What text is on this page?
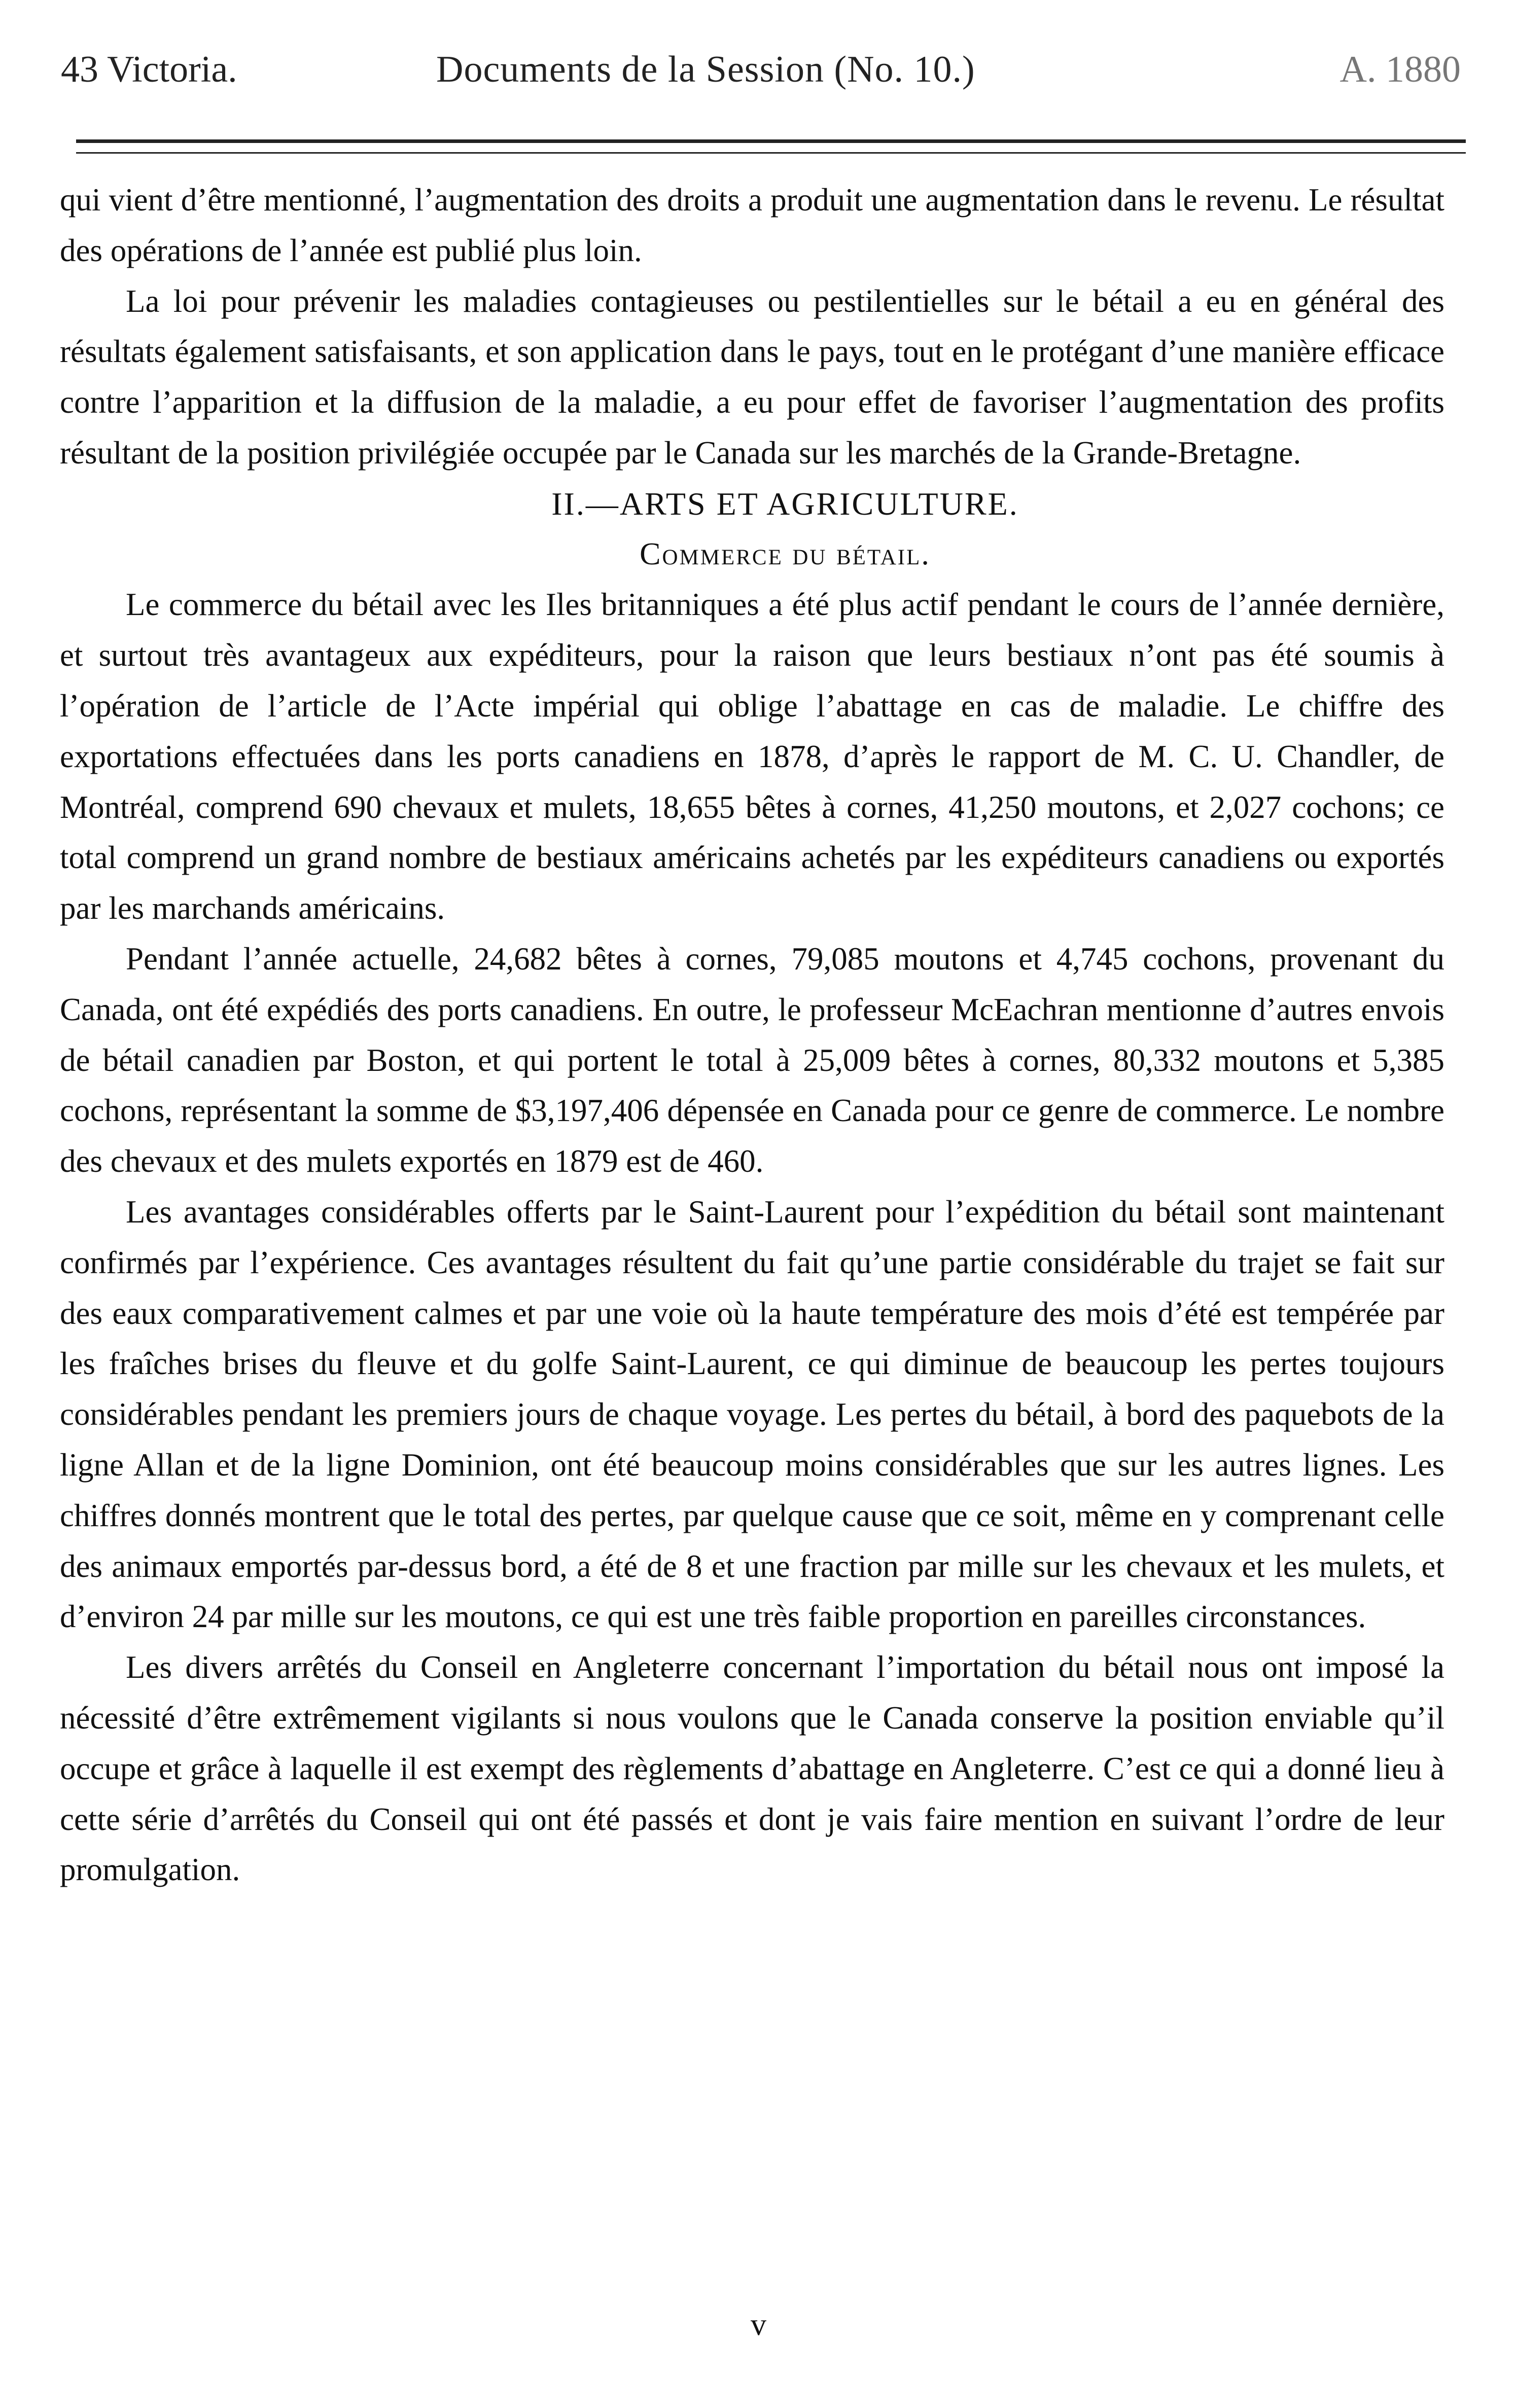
43 Victoria.	Documents de la Session (No. 10.)	A. 1880

qui vient d’être mentionné, l’augmentation des droits a produit une augmentation dans le revenu. Le résultat des opérations de l’année est publié plus loin.

La loi pour prévenir les maladies contagieuses ou pestilentielles sur le bétail a eu en général des résultats également satisfaisants, et son application dans le pays, tout en le protégant d’une manière efficace contre l’apparition et la diffusion de la maladie, a eu pour effet de favoriser l’augmentation des profits résultant de la position privilégiée occupée par le Canada sur les marchés de la Grande-Bretagne.

II.—ARTS ET AGRICULTURE.

Commerce du bétail.

Le commerce du bétail avec les Iles britanniques a été plus actif pendant le cours de l’année dernière, et surtout très avantageux aux expéditeurs, pour la raison que leurs bestiaux n’ont pas été soumis à l’opération de l’article de l’Acte impérial qui oblige l’abattage en cas de maladie. Le chiffre des exportations effectuées dans les ports canadiens en 1878, d’après le rapport de M. C. U. Chandler, de Montréal, comprend 690 chevaux et mulets, 18,655 bêtes à cornes, 41,250 moutons, et 2,027 cochons; ce total comprend un grand nombre de bestiaux américains achetés par les expéditeurs canadiens ou exportés par les marchands américains.

Pendant l’année actuelle, 24,682 bêtes à cornes, 79,085 moutons et 4,745 cochons, provenant du Canada, ont été expédiés des ports canadiens. En outre, le professeur McEachran mentionne d’autres envois de bétail canadien par Boston, et qui portent le total à 25,009 bêtes à cornes, 80,332 moutons et 5,385 cochons, représentant la somme de $3,197,406 dépensée en Canada pour ce genre de commerce. Le nombre des chevaux et des mulets exportés en 1879 est de 460.

Les avantages considérables offerts par le Saint-Laurent pour l’expédition du bétail sont maintenant confirmés par l’expérience. Ces avantages résultent du fait qu’une partie considérable du trajet se fait sur des eaux comparativement calmes et par une voie où la haute température des mois d’été est tempérée par les fraîches brises du fleuve et du golfe Saint-Laurent, ce qui diminue de beaucoup les pertes toujours considérables pendant les premiers jours de chaque voyage. Les pertes du bétail, à bord des paquebots de la ligne Allan et de la ligne Dominion, ont été beaucoup moins considérables que sur les autres lignes. Les chiffres donnés montrent que le total des pertes, par quelque cause que ce soit, même en y comprenant celle des animaux emportés par-dessus bord, a été de 8 et une fraction par mille sur les chevaux et les mulets, et d’environ 24 par mille sur les moutons, ce qui est une très faible proportion en pareilles circonstances.

Les divers arrêtés du Conseil en Angleterre concernant l’importation du bétail nous ont imposé la nécessité d’être extrêmement vigilants si nous voulons que le Canada conserve la position enviable qu’il occupe et grâce à laquelle il est exempt des règlements d’abattage en Angleterre. C’est ce qui a donné lieu à cette série d’arrêtés du Conseil qui ont été passés et dont je vais faire mention en suivant l’ordre de leur promulgation.

v
